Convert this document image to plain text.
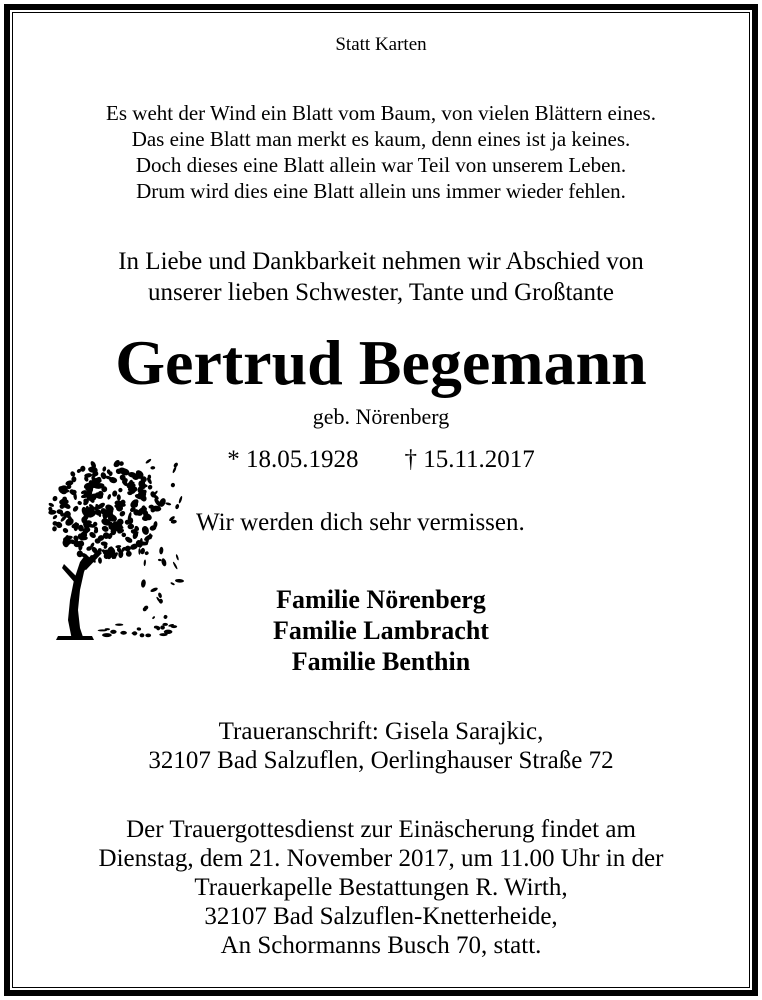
Statt Karten
Es weht der Wind ein Blatt vom Baum, von vielen Blättern eines.
Das eine Blatt man merkt es kaum, denn eines ist ja keines.
Doch dieses eine Blatt allein war Teil von unserem Leben.
Drum wird dies eine Blatt allein uns immer wieder fehlen.
In Liebe und Dankbarkeit nehmen wir Abschied von
unserer lieben Schwester, Tante und Großtante
Gertrud Begemann
geb. Nörenberg
* 18.05.1928 † 15.11.2017
Wir werden dich sehr vermissen.
Familie Nörenberg
Familie Lambracht
Familie Benthin
Traueranschrift: Gisela Sarajkic,
32107 Bad Salzuflen, Oerlinghauser Straße 72
Der Trauergottesdienst zur Einäscherung findet am
Dienstag, dem 21. November 2017, um 11.00 Uhr in der
Trauerkapelle Bestattungen R. Wirth,
32107 Bad Salzuflen-Knetterheide,
An Schormanns Busch 70, statt.
